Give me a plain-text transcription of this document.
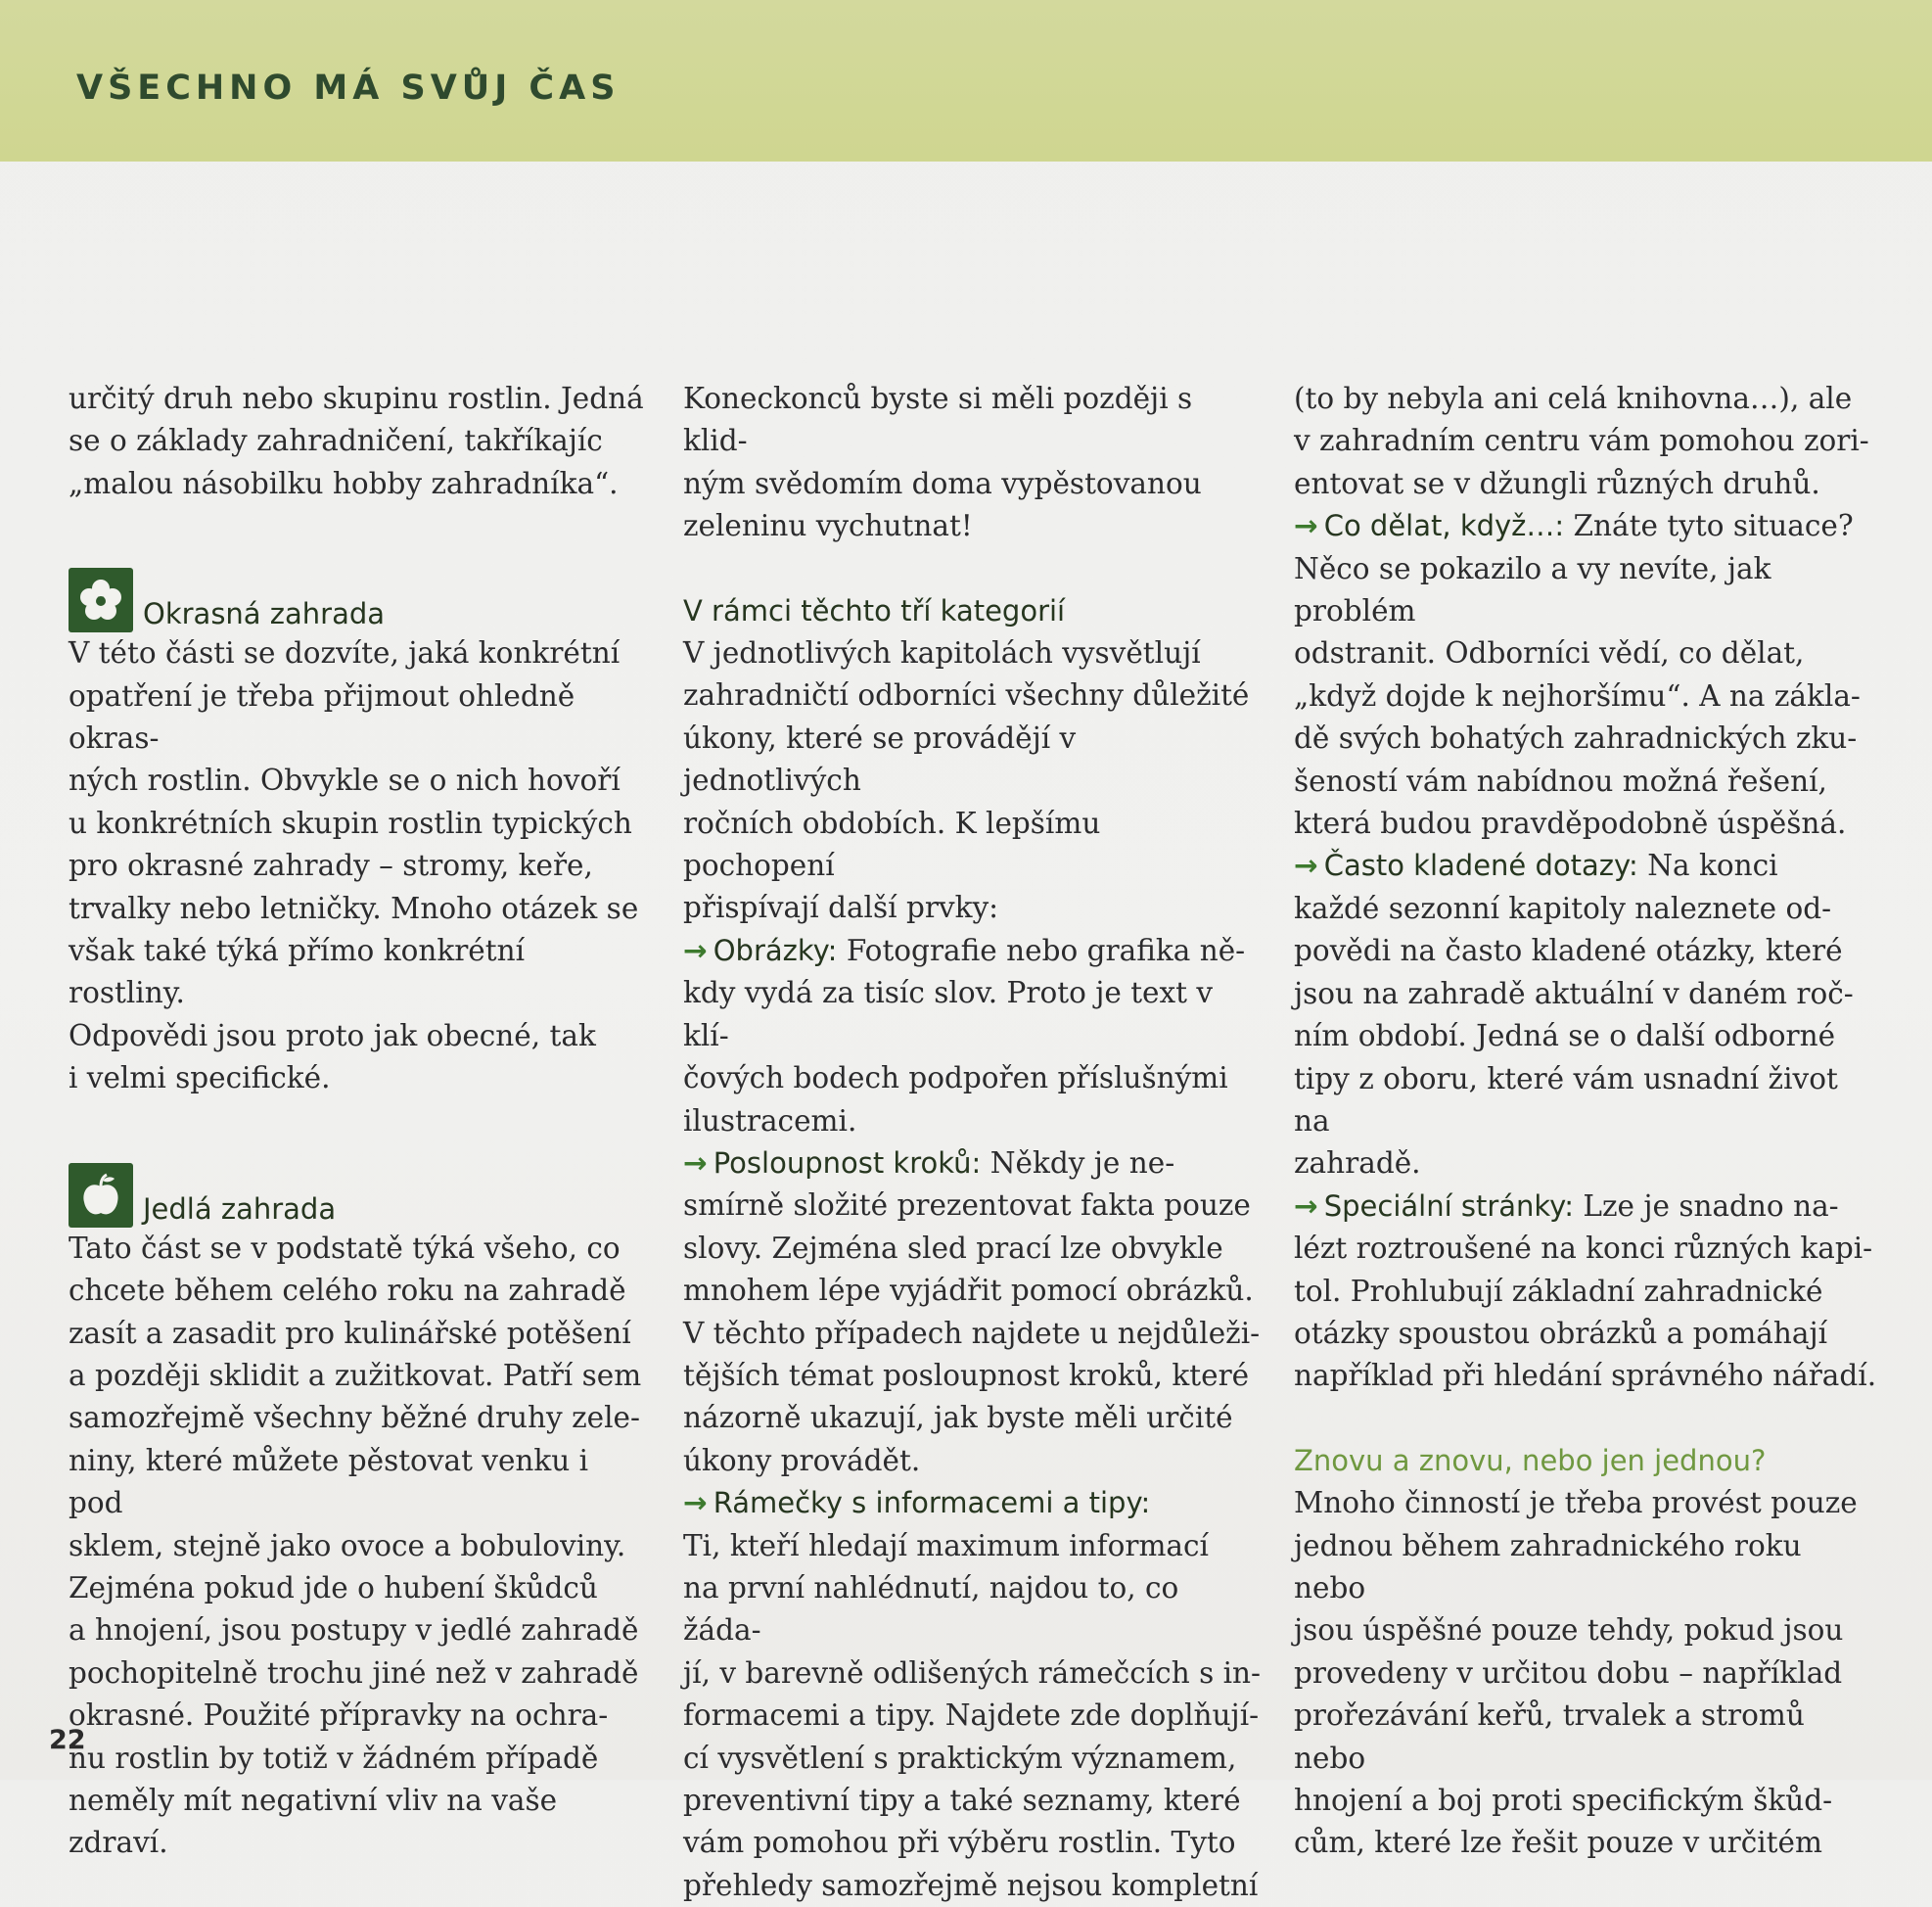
VŠECHNO MÁ SVŮJ ČAS

určitý druh nebo skupinu rostlin. Jedná

se o základy zahradničení, takříkajíc

„malou násobilku hobby zahradníka“.

Okrasná zahrada

V této části se dozvíte, jaká konkrétní

opatření je třeba přijmout ohledně okras-

ných rostlin. Obvykle se o nich hovoří

u konkrétních skupin rostlin typických

pro okrasné zahrady – stromy, keře,

trvalky nebo letničky. Mnoho otázek se

však také týká přímo konkrétní rostliny.

Odpovědi jsou proto jak obecné, tak

i velmi specifické.

Jedlá zahrada

Tato část se v podstatě týká všeho, co

chcete během celého roku na zahradě

zasít a zasadit pro kulinářské potěšení

a později sklidit a zužitkovat. Patří sem

samozřejmě všechny běžné druhy zele-

niny, které můžete pěstovat venku i pod

sklem, stejně jako ovoce a bobuloviny.

Zejména pokud jde o hubení škůdců

a hnojení, jsou postupy v jedlé zahradě

pochopitelně trochu jiné než v zahradě

okrasné. Použité přípravky na ochra-

nu rostlin by totiž v žádném případě

neměly mít negativní vliv na vaše zdraví.

Koneckonců byste si měli později s klid-

ným svědomím doma vypěstovanou

zeleninu vychutnat!

V rámci těchto tří kategorií

V jednotlivých kapitolách vysvětlují

zahradničtí odborníci všechny důležité

úkony, které se provádějí v jednotlivých

ročních obdobích. K lepšímu pochopení

přispívají další prvky:

→ Obrázky: Fotografie nebo grafika ně-

kdy vydá za tisíc slov. Proto je text v klí-

čových bodech podpořen příslušnými

ilustracemi.

→ Posloupnost kroků: Někdy je ne-

smírně složité prezentovat fakta pouze

slovy. Zejména sled prací lze obvykle

mnohem lépe vyjádřit pomocí obrázků.

V těchto případech najdete u nejdůleži-

tějších témat posloupnost kroků, které

názorně ukazují, jak byste měli určité

úkony provádět.

→ Rámečky s informacemi a tipy:

Ti, kteří hledají maximum informací

na první nahlédnutí, najdou to, co žáda-

jí, v barevně odlišených rámečcích s in-

formacemi a tipy. Najdete zde doplňují-

cí vysvětlení s praktickým významem,

preventivní tipy a také seznamy, které

vám pomohou při výběru rostlin. Tyto

přehledy samozřejmě nejsou kompletní

(to by nebyla ani celá knihovna…), ale

v zahradním centru vám pomohou zori-

entovat se v džungli různých druhů.

→ Co dělat, když…: Znáte tyto situace?

Něco se pokazilo a vy nevíte, jak problém

odstranit. Odborníci vědí, co dělat,

„když dojde k nejhoršímu“. A na zákla-

dě svých bohatých zahradnických zku-

šeností vám nabídnou možná řešení,

která budou pravděpodobně úspěšná.

→ Často kladené dotazy: Na konci

každé sezonní kapitoly naleznete od-

povědi na často kladené otázky, které

jsou na zahradě aktuální v daném roč-

ním období. Jedná se o další odborné

tipy z oboru, které vám usnadní život na

zahradě.

→ Speciální stránky: Lze je snadno na-

lézt roztroušené na konci různých kapi-

tol. Prohlubují základní zahradnické

otázky spoustou obrázků a pomáhají

například při hledání správného nářadí.

Znovu a znovu, nebo jen jednou?

Mnoho činností je třeba provést pouze

jednou během zahradnického roku nebo

jsou úspěšné pouze tehdy, pokud jsou

provedeny v určitou dobu – například

prořezávání keřů, trvalek a stromů nebo

hnojení a boj proti specifickým škůd-

cům, které lze řešit pouze v určitém

22
